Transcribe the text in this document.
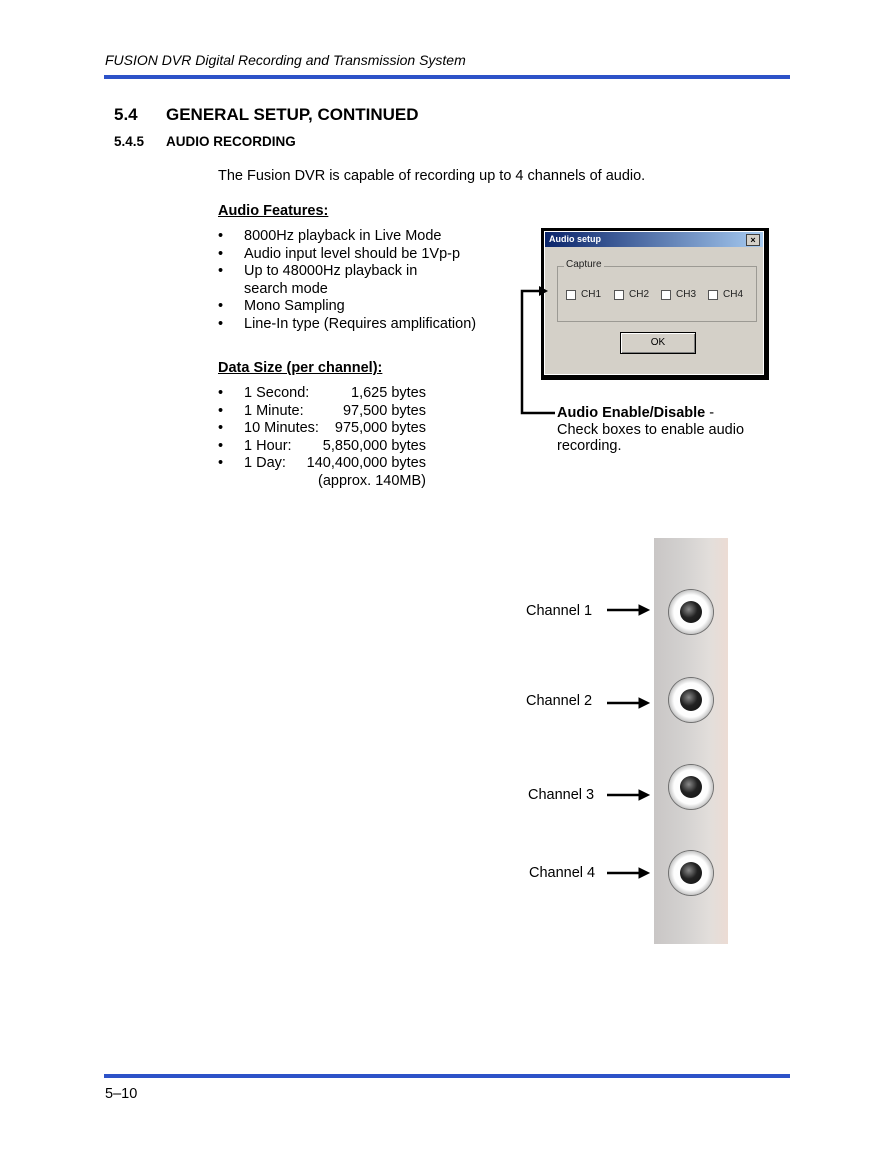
FUSION DVR Digital Recording and Transmission System
5.4 GENERAL SETUP, CONTINUED
5.4.5 AUDIO RECORDING
The Fusion DVR is capable of recording up to 4 channels of audio.
Audio Features:
• 8000Hz playback in Live Mode
• Audio input level should be 1Vp-p
• Up to 48000Hz playback in search mode
• Mono Sampling
• Line-In type (Requires amplification)
Data Size (per channel):
• 1 Second:	1,625 bytes
• 1 Minute:	97,500 bytes
• 10 Minutes:	975,000 bytes
• 1 Hour:	5,850,000 bytes
• 1 Day:	140,400,000 bytes
(approx. 140MB)
Audio setup	×
Capture
CH1	CH2	CH3	CH4
OK
Audio Enable/Disable - Check boxes to enable audio recording.
Channel 1
Channel 2
Channel 3
Channel 4
5–10
